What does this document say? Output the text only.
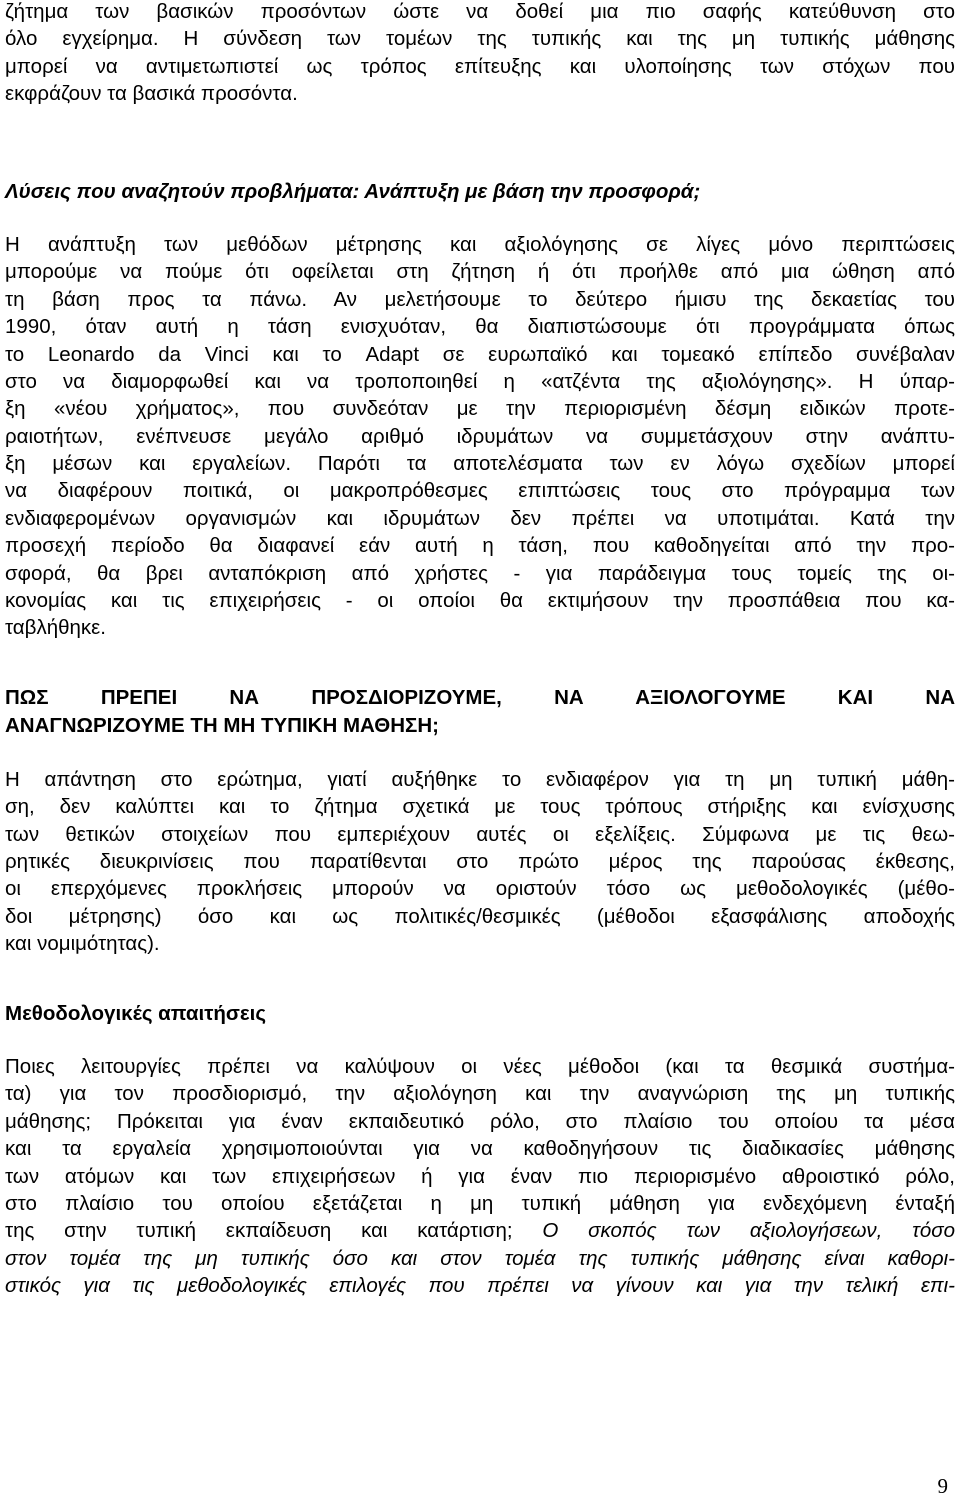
ζήτημα των βασικών προσόντων ώστε να δοθεί μια πιο σαφής κατεύθυνση στο
όλο εγχείρημα. Η σύνδεση των τομέων της τυπικής και της μη τυπικής μάθησης
μπορεί να αντιμετωπιστεί ως τρόπος επίτευξης και υλοποίησης των στόχων που
εκφράζουν τα βασικά προσόντα.
Λύσεις που αναζητούν προβλήματα: Ανάπτυξη με βάση την προσφορά;
Η ανάπτυξη των μεθόδων μέτρησης και αξιολόγησης σε λίγες μόνο περιπτώσεις
μπορούμε να πούμε ότι οφείλεται στη ζήτηση ή ότι προήλθε από μια ώθηση από
τη βάση προς τα πάνω. Αν μελετήσουμε το δεύτερο ήμισυ της δεκαετίας του
1990, όταν αυτή η τάση ενισχυόταν, θα διαπιστώσουμε ότι προγράμματα όπως
το Leonardo da Vinci και το Adapt σε ευρωπαϊκό και τομεακό επίπεδο συνέβαλαν
στο να διαμορφωθεί και να τροποποιηθεί η «ατζέντα της αξιολόγησης». Η ύπαρ-
ξη «νέου χρήματος», που συνδεόταν με την περιορισμένη δέσμη ειδικών προτε-
ραιοτήτων, ενέπνευσε μεγάλο αριθμό ιδρυμάτων να συμμετάσχουν στην ανάπτυ-
ξη μέσων και εργαλείων. Παρότι τα αποτελέσματα των εν λόγω σχεδίων μπορεί
να διαφέρουν ποιτικά, οι μακροπρόθεσμες επιπτώσεις τους στο πρόγραμμα των
ενδιαφερομένων οργανισμών και ιδρυμάτων δεν πρέπει να υποτιμάται. Κατά την
προσεχή περίοδο θα διαφανεί εάν αυτή η τάση, που καθοδηγείται από την προ-
σφορά, θα βρει ανταπόκριση από χρήστες - για παράδειγμα τους τομείς της οι-
κονομίας και τις επιχειρήσεις - οι οποίοι θα εκτιμήσουν την προσπάθεια που κα-
ταβλήθηκε.
ΠΩΣ ΠΡΕΠΕΙ ΝΑ ΠΡΟΣΔΙΟΡΙΖΟΥΜΕ, ΝΑ ΑΞΙΟΛΟΓΟΥΜΕ ΚΑΙ ΝΑ
ΑΝΑΓΝΩΡΙΖΟΥΜΕ ΤΗ ΜΗ ΤΥΠΙΚΗ ΜΑΘΗΣΗ;
Η απάντηση στο ερώτημα, γιατί αυξήθηκε το ενδιαφέρον για τη μη τυπική μάθη-
ση, δεν καλύπτει και το ζήτημα σχετικά με τους τρόπους στήριξης και ενίσχυσης
των θετικών στοιχείων που εμπεριέχουν αυτές οι εξελίξεις. Σύμφωνα με τις θεω-
ρητικές διευκρινίσεις που παρατίθενται στο πρώτο μέρος της παρούσας έκθεσης,
οι επερχόμενες προκλήσεις μπορούν να οριστούν τόσο ως μεθοδολογικές (μέθο-
δοι μέτρησης) όσο και ως πολιτικές/θεσμικές (μέθοδοι εξασφάλισης αποδοχής
και νομιμότητας).
Μεθοδολογικές απαιτήσεις
Ποιες λειτουργίες πρέπει να καλύψουν οι νέες μέθοδοι (και τα θεσμικά συστήμα-
τα) για τον προσδιορισμό, την αξιολόγηση και την αναγνώριση της μη τυπικής
μάθησης; Πρόκειται για έναν εκπαιδευτικό ρόλο, στο πλαίσιο του οποίου τα μέσα
και τα εργαλεία χρησιμοποιούνται για να καθοδηγήσουν τις διαδικασίες μάθησης
των ατόμων και των επιχειρήσεων ή για έναν πιο περιορισμένο αθροιστικό ρόλο,
στο πλαίσιο του οποίου εξετάζεται η μη τυπική μάθηση για ενδεχόμενη ένταξή
της στην τυπική εκπαίδευση και κατάρτιση; Ο σκοπός των αξιολογήσεων, τόσο
στον τομέα της μη τυπικής όσο και στον τομέα της τυπικής μάθησης είναι καθορι-
στικός για τις μεθοδολογικές επιλογές που πρέπει να γίνουν και για την τελική επι-
9
